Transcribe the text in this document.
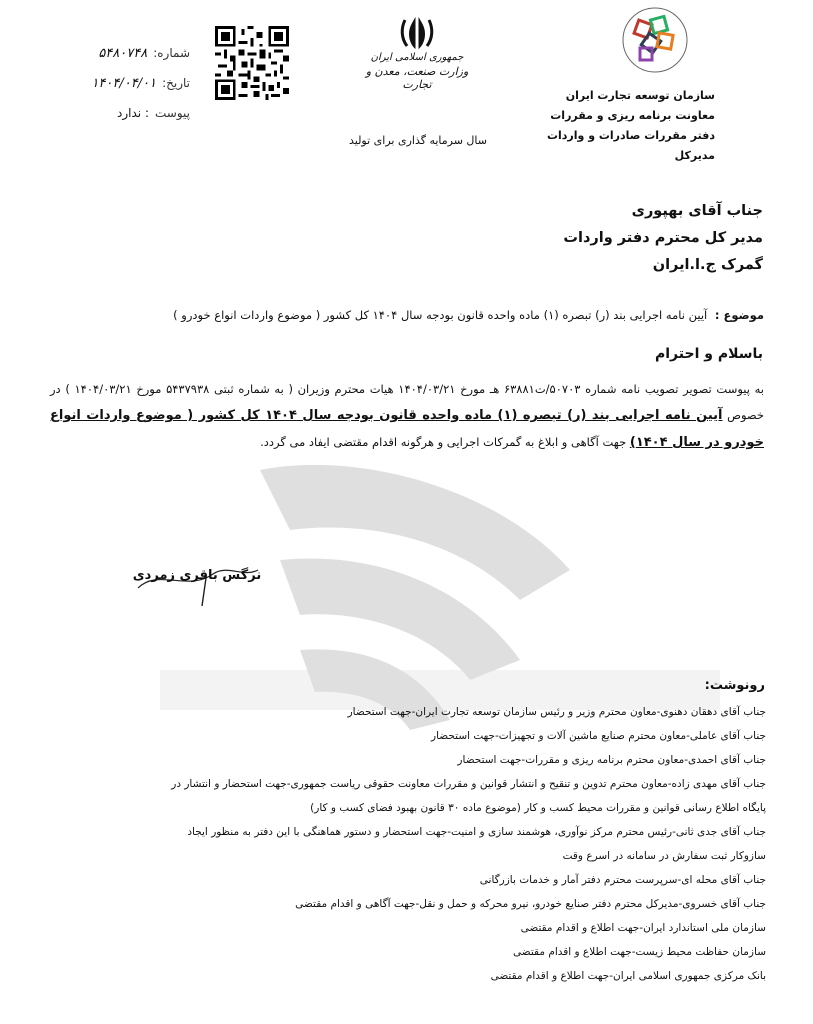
سازمان توسعه تجارت ایران
معاونت برنامه ریزی و مقررات
دفتر مقررات صادرات و واردات
مدیرکل
جمهوری اسلامی ایران
وزارت صنعت، معدن و تجارت
سال سرمایه گذاری برای تولید
شماره:
۵۴۸۰۷۴۸
تاریخ:
۱۴۰۴/۰۴/۰۱
پیوست
: ندارد
جناب آقای بهپوری
مدیر کل محترم دفتر واردات
گمرک ج.ا.ایران
موضوع : آیین نامه اجرایی بند (ر) تبصره (۱) ماده واحده قانون بودجه سال ۱۴۰۴ کل کشور ( موضوع واردات انواع خودرو )
باسلام و احترام
به پیوست تصویر تصویب نامه شماره ۵۰۷۰۳/ت۶۳۸۸۱ هـ مورخ ۱۴۰۴/۰۳/۲۱ هیات محترم وزیران ( به شماره ثبتی ۵۴۳۷۹۳۸ مورخ ۱۴۰۴/۰۳/۲۱ ) در خصوص آیین نامه اجرایی بند (ر) تبصره (۱) ماده واحده قانون بودجه سال ۱۴۰۴ کل کشور ( موضوع واردات انواع خودرو در سال ۱۴۰۴) جهت آگاهی و ابلاغ به گمرکات اجرایی و هرگونه اقدام مقتضی ایفاد می گردد.
نرگس باقری زمردی
رونوشت:
جناب آقای دهقان دهنوی-معاون محترم وزیر و رئیس سازمان توسعه تجارت ایران-جهت استحضار
جناب آقای عاملی-معاون محترم صنایع ماشین آلات و تجهیزات-جهت استحضار
جناب آقای احمدی-معاون محترم برنامه ریزی و مقررات-جهت استحضار
جناب آقای مهدی زاده-معاون محترم تدوین و تنقیح و انتشار قوانین و مقررات معاونت حقوقی ریاست جمهوری-جهت استحضار و انتشار در
پایگاه اطلاع رسانی قوانین و مقررات محیط کسب و کار (موضوع ماده ۳۰ قانون بهبود فضای کسب و کار)
جناب آقای جدی ثانی-رئیس محترم مرکز نوآوری، هوشمند سازی و امنیت-جهت استحضار و دستور هماهنگی با این دفتر به منظور ایجاد
سازوکار ثبت سفارش در سامانه در اسرع وقت
جناب آقای محله ای-سرپرست محترم دفتر آمار و خدمات بازرگانی
جناب آقای خسروی-مدیرکل محترم دفتر صنایع خودرو، نیرو محرکه و حمل و نقل-جهت آگاهی و اقدام مقتضی
سازمان ملی استاندارد ایران-جهت اطلاع و اقدام مقتضی
سازمان حفاظت محیط زیست-جهت اطلاع و اقدام مقتضی
بانک مرکزی جمهوری اسلامی ایران-جهت اطلاع و اقدام مقتضی
